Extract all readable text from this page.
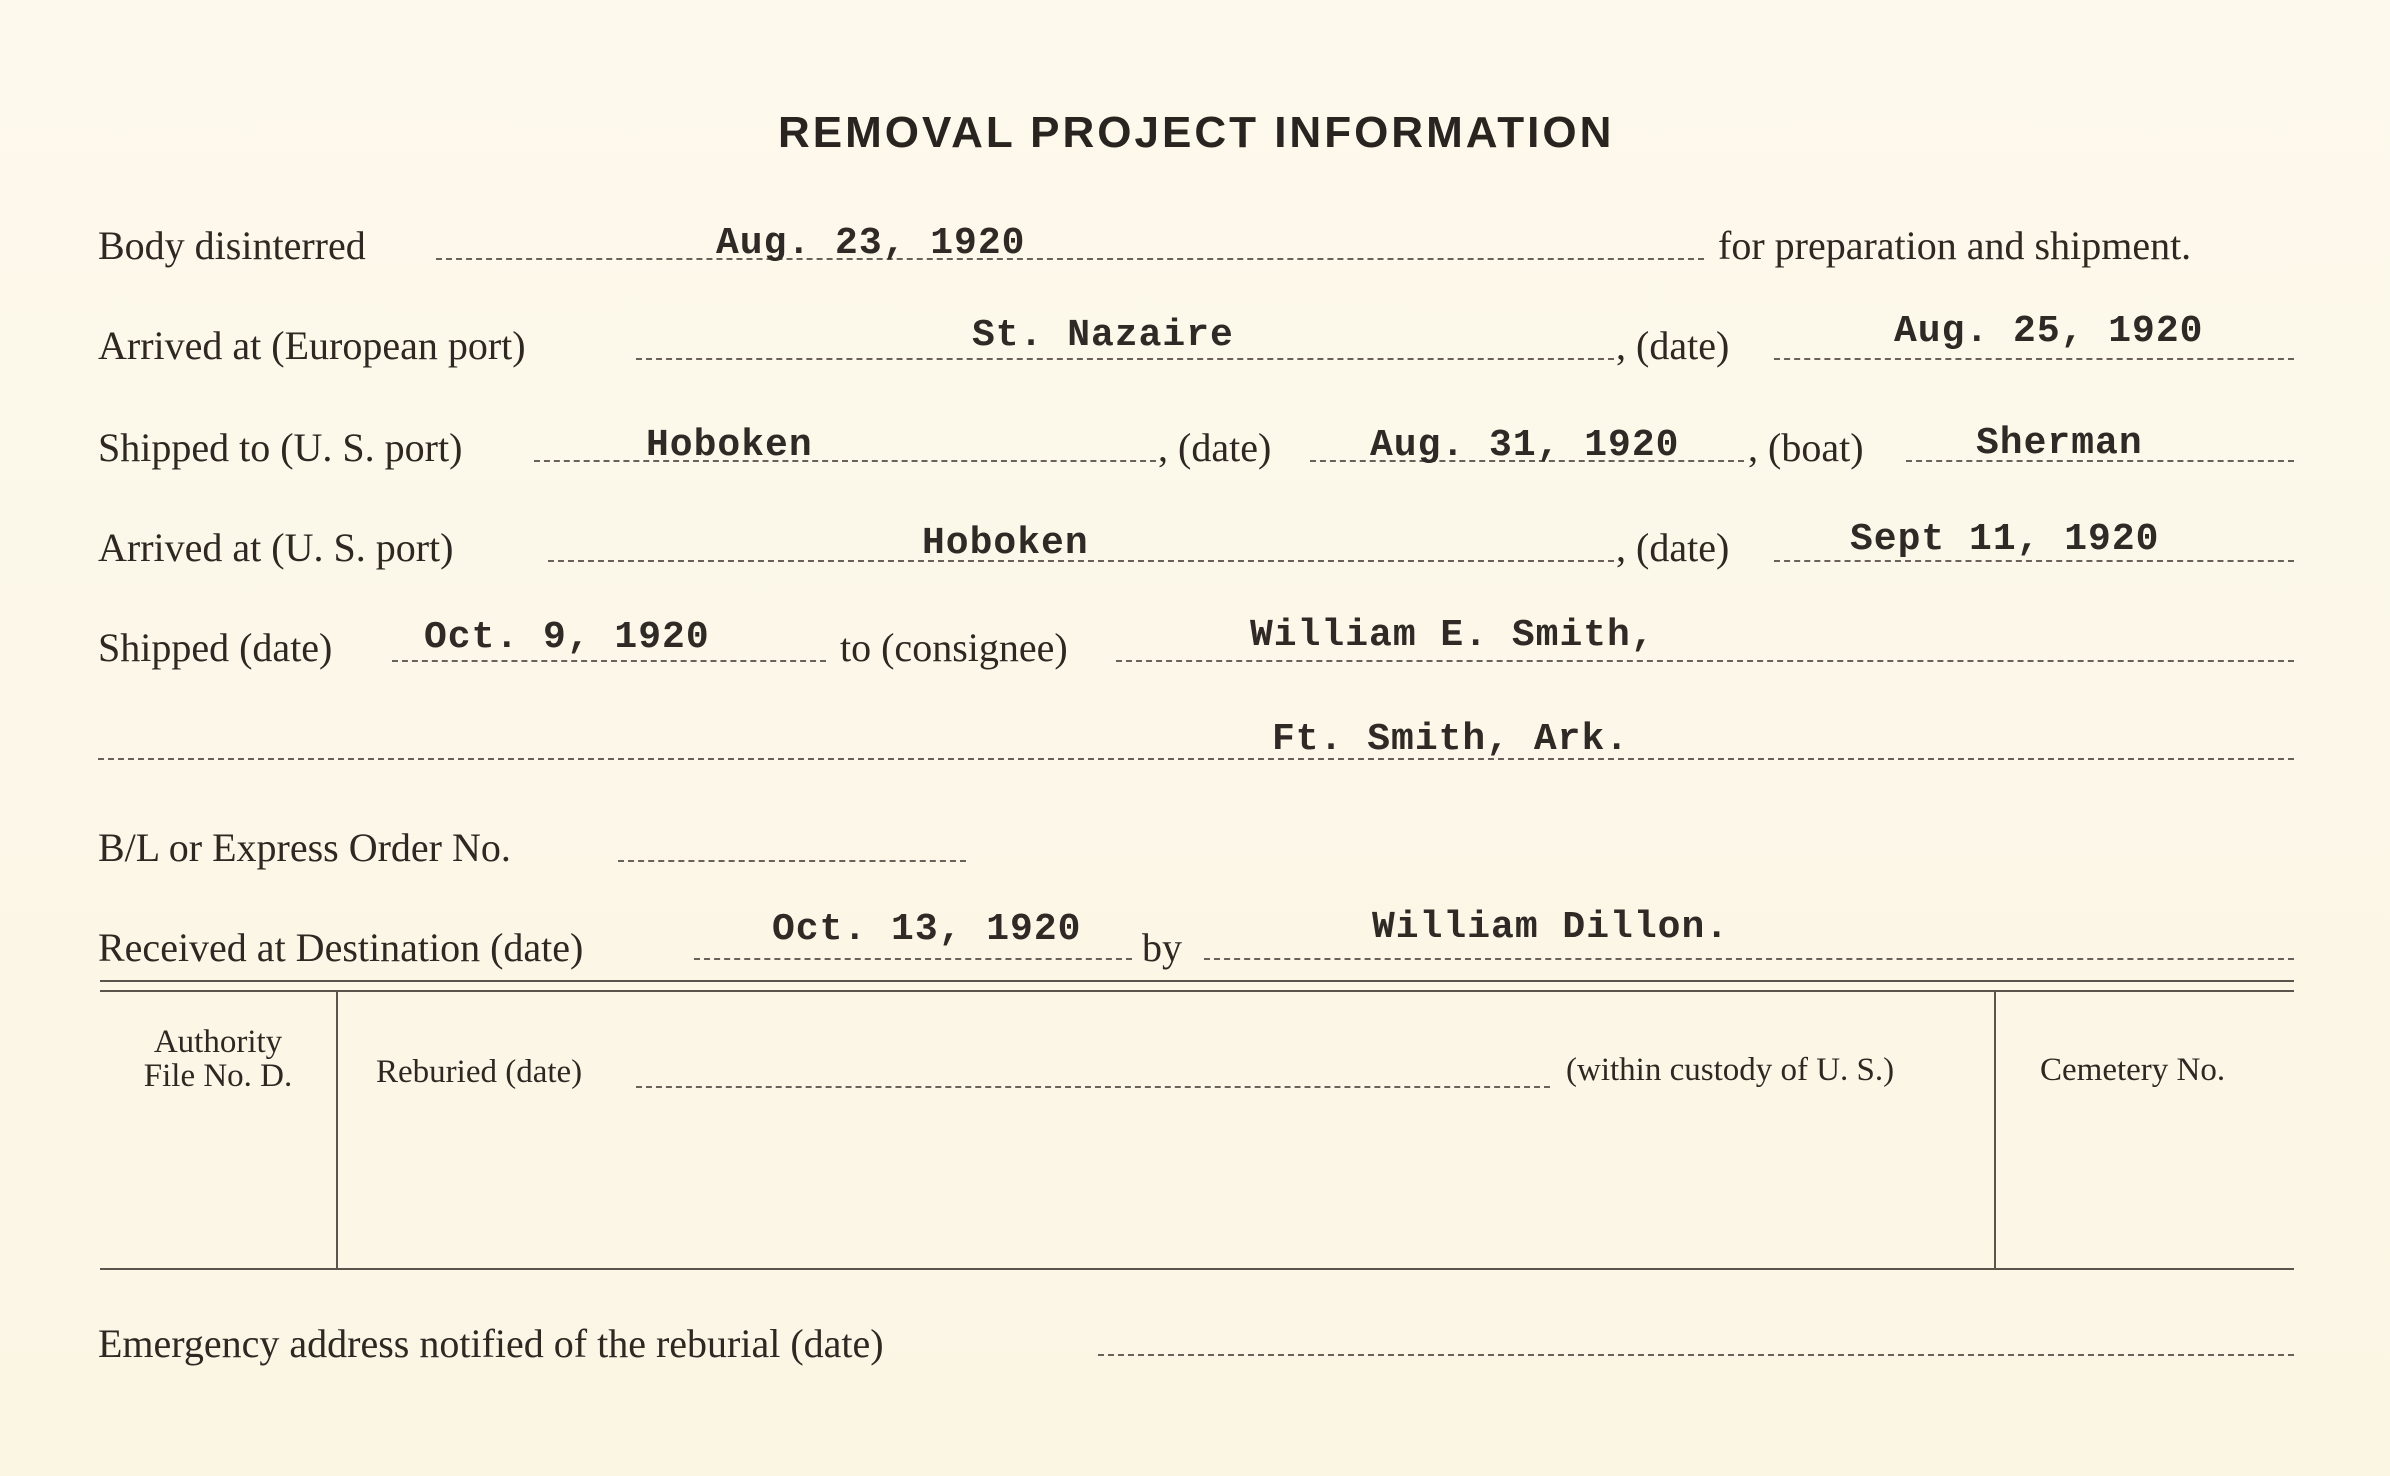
REMOVAL PROJECT INFORMATION
Body disinterred	Aug. 23, 1920	for preparation and shipment.
Arrived at (European port)	St. Nazaire	, (date)	Aug. 25, 1920
Shipped to (U. S. port)	Hoboken	, (date)	Aug. 31, 1920 , (boat)	Sherman
Arrived at (U. S. port)	Hoboken	, (date)	Sept 11, 1920
Shipped (date) Oct. 9, 1920	to (consignee)	William E. Smith,
Ft. Smith, Ark.
B/L or Express Order No.
Received at Destination (date)	Oct. 13, 1920 by	William Dillon.
Authority
File No. D.	Reburied (date)	(within custody of U. S.)	Cemetery No.
Emergency address notified of the reburial (date)
